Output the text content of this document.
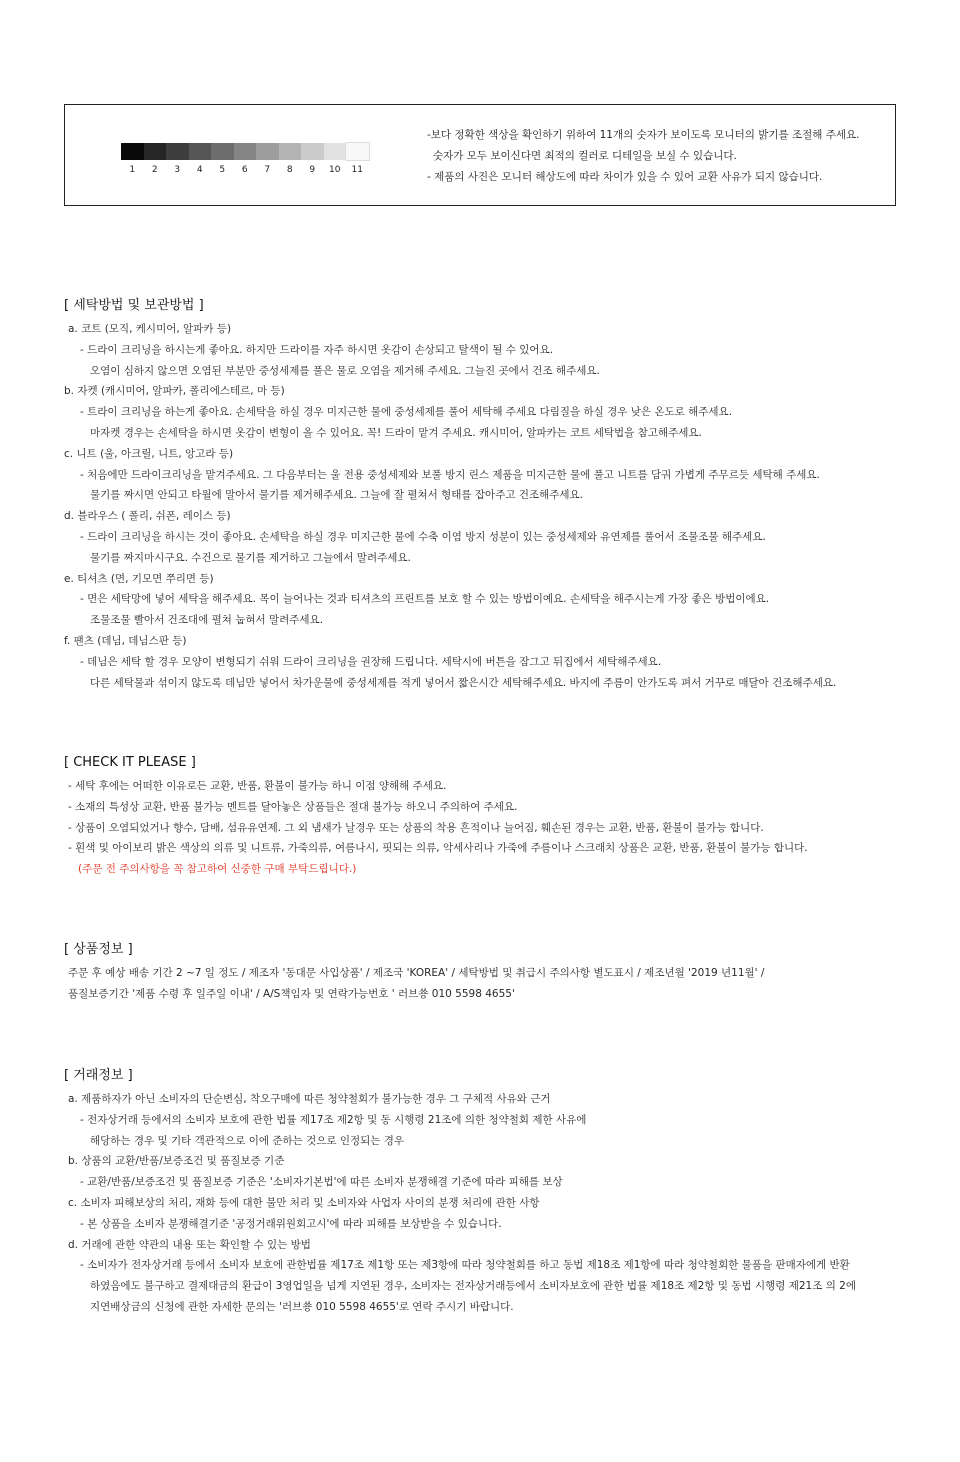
1 2 3 4 5 6 7 8 9 10 11
-보다 정확한 색상을 확인하기 위하여 11개의 숫자가 보이도록 모니터의 밝기를 조절해 주세요.
숫자가 모두 보이신다면 최적의 컬러로 디테일을 보실 수 있습니다.
- 제품의 사진은 모니터 해상도에 따라 차이가 있을 수 있어 교환 사유가 되지 않습니다.
[ 세탁방법 및 보관방법 ]
a. 코트 (모직, 케시미어, 알파카 등)
- 드라이 크리닝을 하시는게 좋아요. 하지만 드라이를 자주 하시면 옷감이 손상되고 탈색이 될 수 있어요.
오염이 심하지 않으면 오염된 부분만 중성세제를 풀은 물로 오염을 제거해 주세요. 그늘진 곳에서 건조 해주세요.
b. 자켓 (캐시미어, 알파카, 폴리에스테르, 마 등)
- 트라이 크리닝을 하는게 좋아요. 손세탁을 하실 경우 미지근한 물에 중성세제를 풀어 세탁해 주세요 다림질을 하실 경우 낮은 온도로 해주세요.
마자켓 경우는 손세탁을 하시면 옷감이 변형이 올 수 있어요. 꼭! 드라이 맡겨 주세요. 캐시미어, 알파카는 코트 세탁법을 참고해주세요.
c. 니트 (울, 아크릴, 니트, 앙고라 등)
- 처음에만 드라이크리닝을 맡겨주세요. 그 다음부터는 울 전용 중성세제와 보풀 방지 린스 제품을 미지근한 물에 풀고 니트를 담궈 가볍게 주무르듯 세탁해 주세요.
물기를 짜시면 안되고 타월에 말아서 물기를 제거해주세요. 그늘에 잘 펼쳐서 형태를 잡아주고 건조해주세요.
d. 블라우스 ( 폴리, 쉬폰, 레이스 등)
- 드라이 크리닝을 하시는 것이 좋아요. 손세탁을 하실 경우 미지근한 물에 수축 이염 방지 성분이 있는 중성세제와 유연제를 풀어서 조물조물 해주세요.
물기를 짜지마시구요. 수건으로 물기를 제거하고 그늘에서 말려주세요.
e. 티셔츠 (면, 기모면 쭈리면 등)
- 면은 세탁망에 넣어 세탁을 해주세요. 목이 늘어나는 것과 티셔츠의 프린트를 보호 할 수 있는 방법이예요. 손세탁을 해주시는게 가장 좋은 방법이에요.
조물조물 빨아서 건조대에 펼쳐 눕혀서 말려주세요.
f. 팬츠 (데님, 데님스판 등)
- 데님은 세탁 할 경우 모양이 변형되기 쉬워 드라이 크리닝을 권장해 드립니다. 세탁시에 버튼을 잠그고 뒤집에서 세탁해주세요.
다른 세탁물과 섞이지 않도록 데님만 넣어서 차가운물에 중성세제를 적게 넣어서 짧은시간 세탁해주세요. 바지에 주름이 안가도록 펴서 거꾸로 매달아 건조해주세요.
[ CHECK IT PLEASE ]
- 세탁 후에는 어떠한 이유로든 교환, 반품, 환불이 불가능 하니 이점 양해해 주세요.
- 소재의 특성상 교환, 반품 불가능 멘트를 달아놓은 상품들은 절대 불가능 하오니 주의하여 주세요.
- 상품이 오염되었거나 향수, 담배, 섬유유연제. 그 외 냄새가 날경우 또는 상품의 착용 흔적이나 늘어짐, 훼손된 경우는 교환, 반품, 환불이 불가능 합니다.
- 흰색 및 아이보리 밝은 색상의 의류 및 니트류, 가죽의류, 여름나시, 핏되는 의류, 악세사리나 가죽에 주름이나 스크래치 상품은 교환, 반품, 환불이 불가능 합니다.
(주문 전 주의사항을 꼭 참고하여 신중한 구매 부탁드립니다.)
[ 상품정보 ]
주문 후 예상 배송 기간 2 ~7 일 정도 / 제조자 '동대문 사입상품' / 제조국 'KOREA' / 세탁방법 및 취급시 주의사항 별도표시 / 제조년월 '2019 년11월' /
품질보증기간 '제품 수령 후 일주일 이내' / A/S책임자 및 연락가능번호 ' 러브쑝 010 5598 4655'
[ 거래정보 ]
a. 제품하자가 아닌 소비자의 단순변심, 착오구매에 따른 청약철회가 불가능한 경우 그 구체적 사유와 근거
- 전자상거래 등에서의 소비자 보호에 관한 법률 제17조 제2항 및 동 시행령 21조에 의한 청약철회 제한 사유에
해당하는 경우 및 기타 객관적으로 이에 준하는 것으로 인정되는 경우
b. 상품의 교환/반품/보증조건 및 품질보증 기준
- 교환/반품/보증조건 및 품질보증 기준은 '소비자기본법'에 따른 소비자 분쟁해결 기준에 따라 피해를 보상
c. 소비자 피해보상의 처리, 재화 등에 대한 불만 처리 및 소비자와 사업자 사이의 분쟁 처리에 관한 사항
- 본 상품을 소비자 분쟁해결기준 '공정거래위원회고시'에 따라 피해를 보상받을 수 있습니다.
d. 거래에 관한 약관의 내용 또는 확인할 수 있는 방법
- 소비자가 전자상거래 등에서 소비자 보호에 관한법률 제17조 제1항 또는 제3항에 따라 청약철회를 하고 동법 제18조 제1항에 따라 청약철회한 물품을 판매자에게 반환
하였음에도 불구하고 결제대금의 환급이 3영업일을 넘게 지연된 경우, 소비자는 전자상거래등에서 소비자보호에 관한 법률 제18조 제2항 및 동법 시행령 제21조 의 2에
지연배상금의 신청에 관한 자세한 문의는 '러브쑝 010 5598 4655'로 연락 주시기 바랍니다.
